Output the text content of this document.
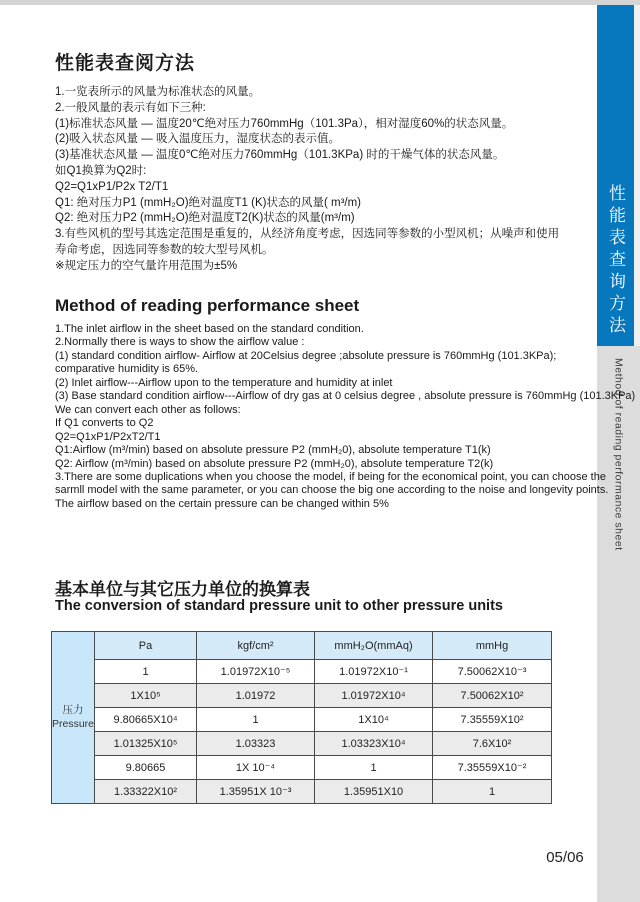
性能表查询方法
Method of reading performance sheet
性能表查阅方法
1.一览表所示的风量为标准状态的风量。
2.一般风量的表示有如下三种:
(1)标准状态风量 — 温度20℃绝对压力760mmHg（101.3Pa），相对湿度60%的状态风量。
(2)吸入状态风量 — 吸入温度压力，湿度状态的表示值。
(3)基准状态风量 — 温度0℃绝对压力760mmHg（101.3KPa) 时的干燥气体的状态风量。
如Q1换算为Q2时:
Q2=Q1xP1/P2x T2/T1
Q1: 绝对压力P1 (mmH₂O)绝对温度T1 (K)状态的风量( m³/m)
Q2: 绝对压力P2 (mmH₂O)绝对温度T2(K)状态的风量(m³/m)
3.有些风机的型号其选定范围是重复的，从经济角度考虑，因选同等参数的小型风机；从噪声和使用
寿命考虑，因选同等参数的较大型号风机。
※规定压力的空气量许用范围为±5%
Method of reading performance sheet
1.The inlet airflow in the sheet based on the standard condition.
2.Normally there is ways to show the airflow value :
(1) standard condition airflow- Airflow at 20Celsius degree ;absolute pressure is 760mmHg (101.3KPa);
comparative humidity is 65%.
(2) Inlet airflow---Airflow upon to the temperature and humidity at inlet
(3) Base standard condition airflow---Airflow of dry gas at 0 celsius degree , absolute pressure is 760mmHg (101.3KPa)
We can convert each other as follows:
If Q1 converts to Q2
Q2=Q1xP1/P2xT2/T1
Q1:Airflow (m³/min) based on absolute pressure P2 (mmH₂0), absolute temperature T1(k)
Q2: Airflow (m³/min) based on absolute pressure P2 (mmH₂0), absolute temperature T2(k)
3.There are some duplications when you choose the model, if being for the economical point, you can choose the
sarmll model with the same parameter, or you can choose the big one according to the noise and longevity points.
The airflow based on the certain pressure can be changed within 5%
基本单位与其它压力单位的换算表
The conversion of standard pressure unit to other pressure units
压力
Pressure	Pa	kgf/cm²	mmH₂O(mmAq)	mmHg
	1	1.01972X10⁻⁵	1.01972X10⁻¹	7.50062X10⁻³
	1X10⁵	1.01972	1.01972X10⁴	7.50062X10²
	9.80665X10⁴	1	1X10⁴	7.35559X10²
	1.01325X10⁵	1.03323	1.03323X10⁴	7.6X10²
	9.80665	1X 10⁻⁴	1	7.35559X10⁻²
	1.33322X10²	1.35951X 10⁻³	1.35951X10	1
05/06
